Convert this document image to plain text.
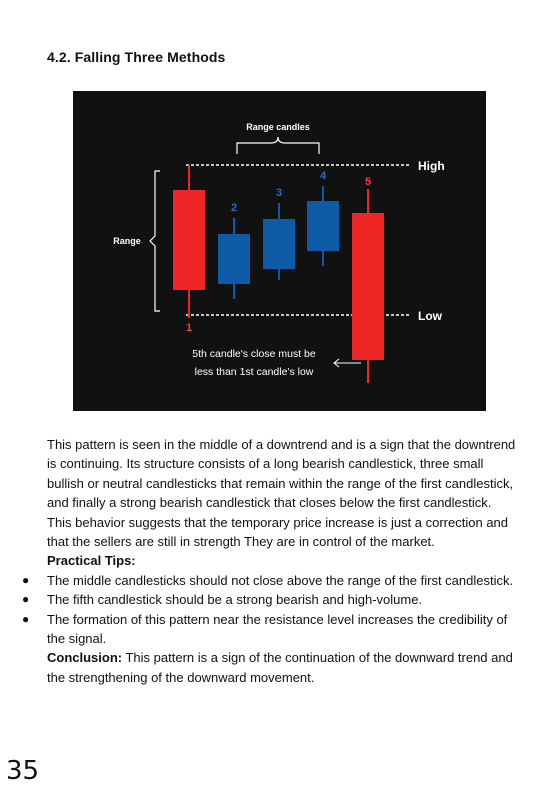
4.2. Falling Three Methods
Range candles
High
Low
Range
1
2
3
4	5
5th candle's close must be
less than 1st candle's low

This pattern is seen in the middle of a downtrend and is a sign that the downtrend is continuing. Its structure consists of a long bearish candlestick, three small bullish or neutral candlesticks that remain within the range of the first candlestick, and finally a strong bearish candlestick that closes below the first candlestick. This behavior suggests that the temporary price increase is just a correction and that the sellers are still in strength They are in control of the market.

Practical Tips:
● The middle candlesticks should not close above the range of the first candlestick.
● The fifth candlestick should be a strong bearish and high-volume.
● The formation of this pattern near the resistance level increases the credibility of the signal.

Conclusion: This pattern is a sign of the continuation of the downward trend and the strengthening of the downward movement.

35
